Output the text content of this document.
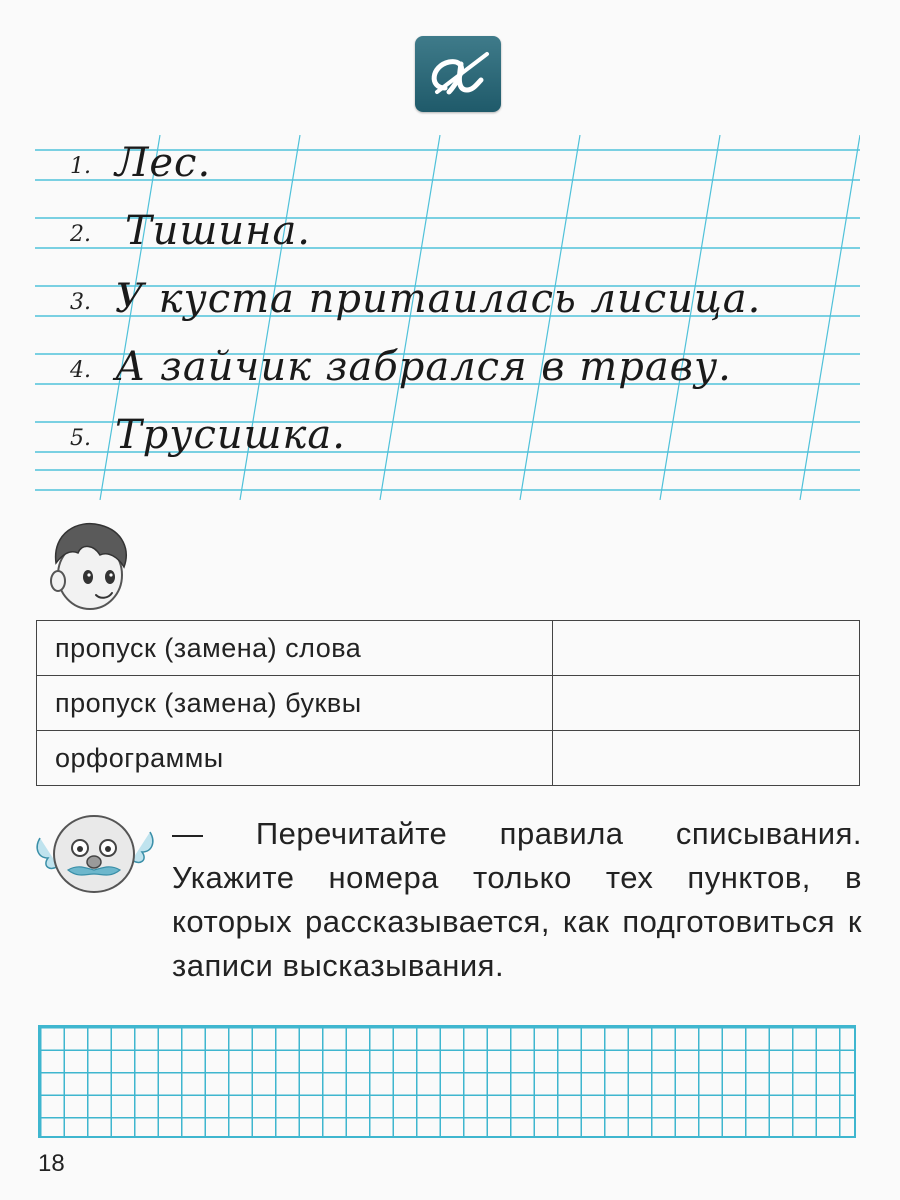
1. Лес.
2. Тишина.
3. У куста притаилась лисица.
4. А зайчик забрался в траву.
5. Трусишка.
пропуск (замена) слова	
пропуск (замена) буквы	
орфограммы	
— Перечитайте правила списывания. Укажите номера только тех пунктов, в которых рассказывается, как подготовиться к записи высказывания.
18
